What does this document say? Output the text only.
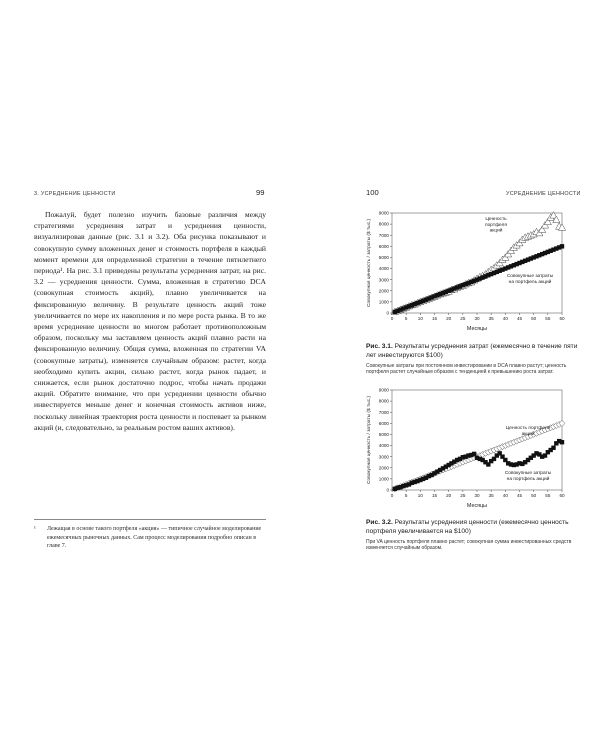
3. УСРЕДНЕНИЕ ЦЕННОСТИ	99

Пожалуй, будет полезно изучить базовые различия между стратегиями усреднения затрат и усреднения ценности, визуализировав данные (рис. 3.1 и 3.2). Оба рисунка показывают и совокупную сумму вложенных денег и стоимость портфеля в каждый момент времени для определенной стратегии в течение пятилетнего периода¹. На рис. 3.1 приведены результаты усреднения затрат, на рис. 3.2 — усреднения ценности. Сумма, вложенная в стратегию DCA (совокупная стоимость акций), плавно увеличивается на фиксированную величину. В результате ценность акций тоже увеличивается по мере их накопления и по мере роста рынка. В то же время усреднение ценности во многом работает противоположным образом, поскольку мы заставляем ценность акций плавно расти на фиксированную величину. Общая сумма, вложенная по стратегии VA (совокупные затраты), изменяется случайным образом: растет, когда необходимо купить акции, сильно растет, когда рынок падает, и снижается, если рынок достаточно подрос, чтобы начать продажи акций. Обратите внимание, что при усреднении ценности обычно инвестируется меньше денег и конечная стоимость активов ниже, поскольку линейная траектория роста ценности и поспевает за рынком акций (и, следовательно, за реальным ростом ваших активов).

¹	Лежащая в основе такого портфеля «акция» — типичное случайное моделирование ежемесячных рыночных данных. Сам процесс моделирования подробно описан в главе 7.

100	УСРЕДНЕНИЕ ЦЕННОСТИ
0
1000
2000
3000
4000
5000
6000
7000
8000
9000
0	5 10 15 20 25 30 35 40 45 50 55 60
Месяцы
Совокупная ценность / затраты ($ тыс.)	Ценность портфеля акций
Совокупные затраты на портфель акций

Рис. 3.1. Результаты усреднения затрат (ежемесячно в течение пяти лет инвестируются $100)

Совокупные затраты при постоянном инвестировании в DCA плавно растут; ценность портфеля растет случайным образом с тенденцией к превышению роста затрат.

0
1000
2000
3000
4000
5000
6000
7000
8000
9000
0	5 10 15 20 25 30 35 40 45 50 55 60
Месяцы
Совокупная ценность / затраты ($ тыс.)	Ценность портфеля акций
Совокупные затраты на портфель акций

Рис. 3.2. Результаты усреднения ценности (ежемесячно ценность портфеля увеличивается на $100)

При VA ценность портфеля плавно растет; совокупная сумма инвестированных средств изменяется случайным образом.
